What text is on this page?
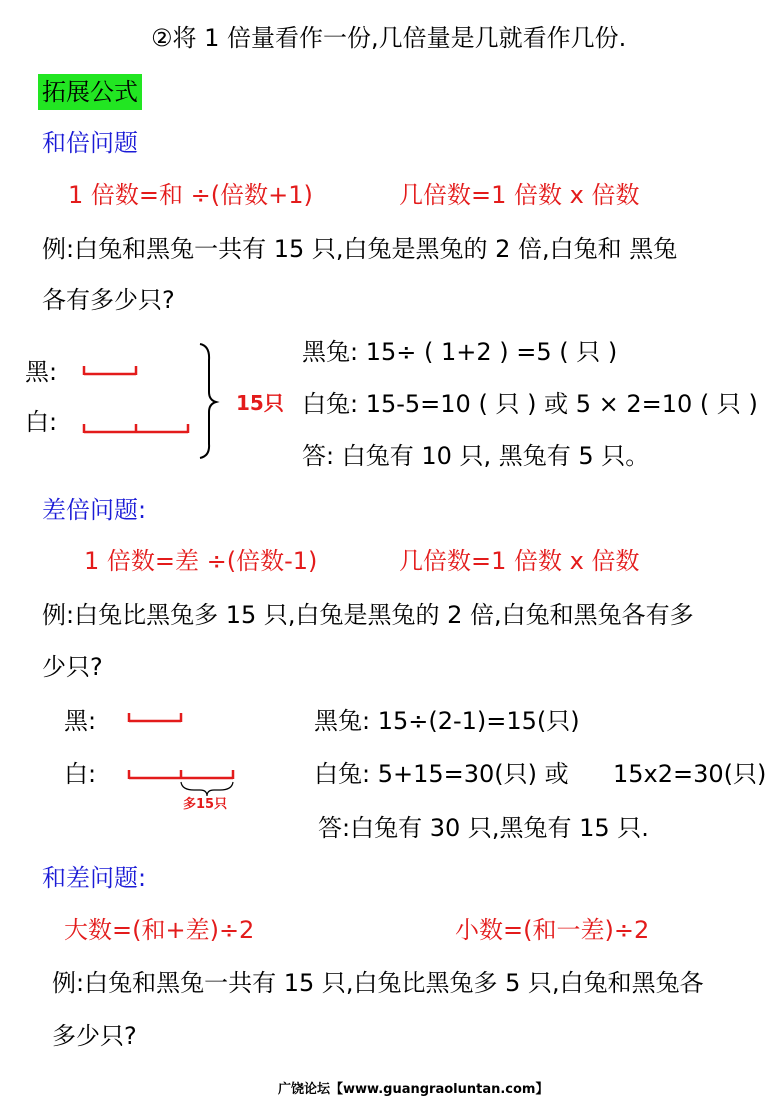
②将 1 倍量看作一份,几倍量是几就看作几份.
拓展公式
和倍问题
1 倍数=和 ÷(倍数+1)	几倍数=1 倍数 x 倍数
例:白兔和黑兔一共有 15 只,白兔是黑兔的 2 倍,白兔和 黑兔
各有多少只?
黑:
白:
15只
黑兔: 15÷ ( 1+2 ) =5 ( 只 )
白兔: 15-5=10 ( 只 ) 或 5 × 2=10 ( 只 )
答: 白兔有 10 只, 黑兔有 5 只。
差倍问题:
1 倍数=差 ÷(倍数-1)	几倍数=1 倍数 x 倍数
例:白兔比黑兔多 15 只,白兔是黑兔的 2 倍,白兔和黑兔各有多
少只?
黑:
白:
多15只
黑兔: 15÷(2-1)=15(只)
白兔: 5+15=30(只) 或 15x2=30(只)
答:白兔有 30 只,黑兔有 15 只.
和差问题:
大数=(和+差)÷2	小数=(和一差)÷2
例:白兔和黑兔一共有 15 只,白兔比黑兔多 5 只,白兔和黑兔各
多少只?
广饶论坛【www.guangraoluntan.com】
